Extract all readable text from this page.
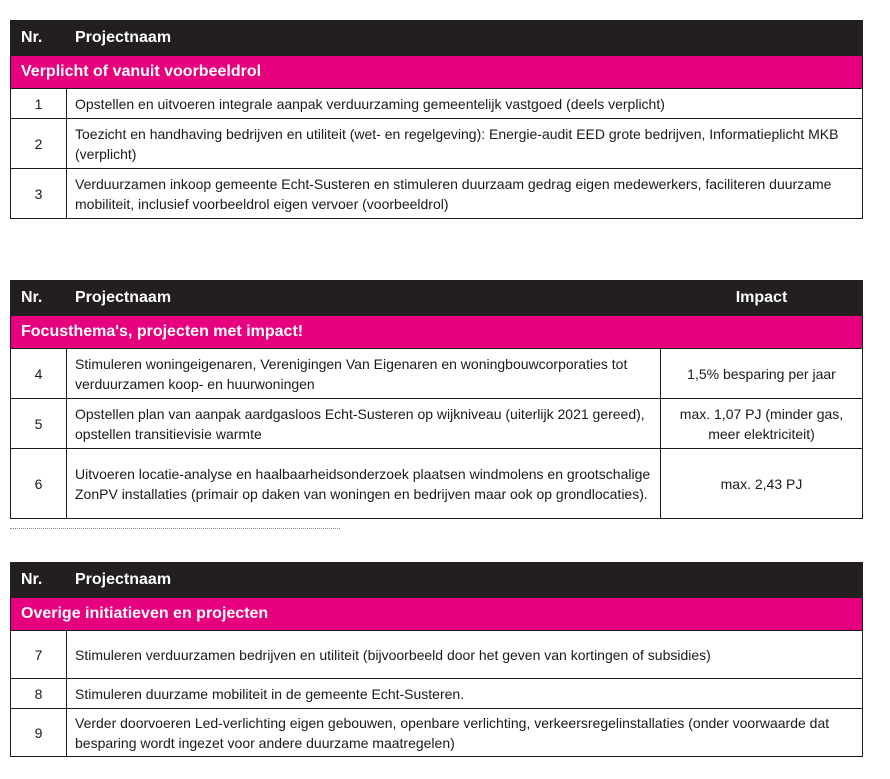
Nr.	Projectnaam
Verplicht of vanuit voorbeeldrol	
1	Opstellen en uitvoeren integrale aanpak verduurzaming gemeentelijk vastgoed (deels verplicht)
2	Toezicht en handhaving bedrijven en utiliteit (wet- en regelgeving): Energie-audit EED grote bedrijven, Informatieplicht MKB (verplicht)
3	Verduurzamen inkoop gemeente Echt-Susteren en stimuleren duurzaam gedrag eigen medewerkers, faciliteren duurzame mobiliteit, inclusief voorbeeldrol eigen vervoer (voorbeeldrol)
Nr.	Projectnaam	Impact
Focusthema's, projecten met impact!		
4	Stimuleren woningeigenaren, Verenigingen Van Eigenaren en woningbouwcorporaties tot verduurzamen koop- en huurwoningen	1,5% besparing per jaar
5	Opstellen plan van aanpak aardgasloos Echt-Susteren op wijkniveau (uiterlijk 2021 gereed), opstellen transitievisie warmte	max. 1,07 PJ (minder gas, meer elektriciteit)
6	Uitvoeren locatie-analyse en haalbaarheidsonderzoek plaatsen windmolens en grootschalige ZonPV installaties (primair op daken van woningen en bedrijven maar ook op grondlocaties).	max. 2,43 PJ
Nr.	Projectnaam
Overige initiatieven en projecten	
7	Stimuleren verduurzamen bedrijven en utiliteit (bijvoorbeeld door het geven van kortingen of subsidies)
8	Stimuleren duurzame mobiliteit in de gemeente Echt-Susteren.
9	Verder doorvoeren Led-verlichting eigen gebouwen, openbare verlichting, verkeersregelinstallaties (onder voorwaarde dat besparing wordt ingezet voor andere duurzame maatregelen)
